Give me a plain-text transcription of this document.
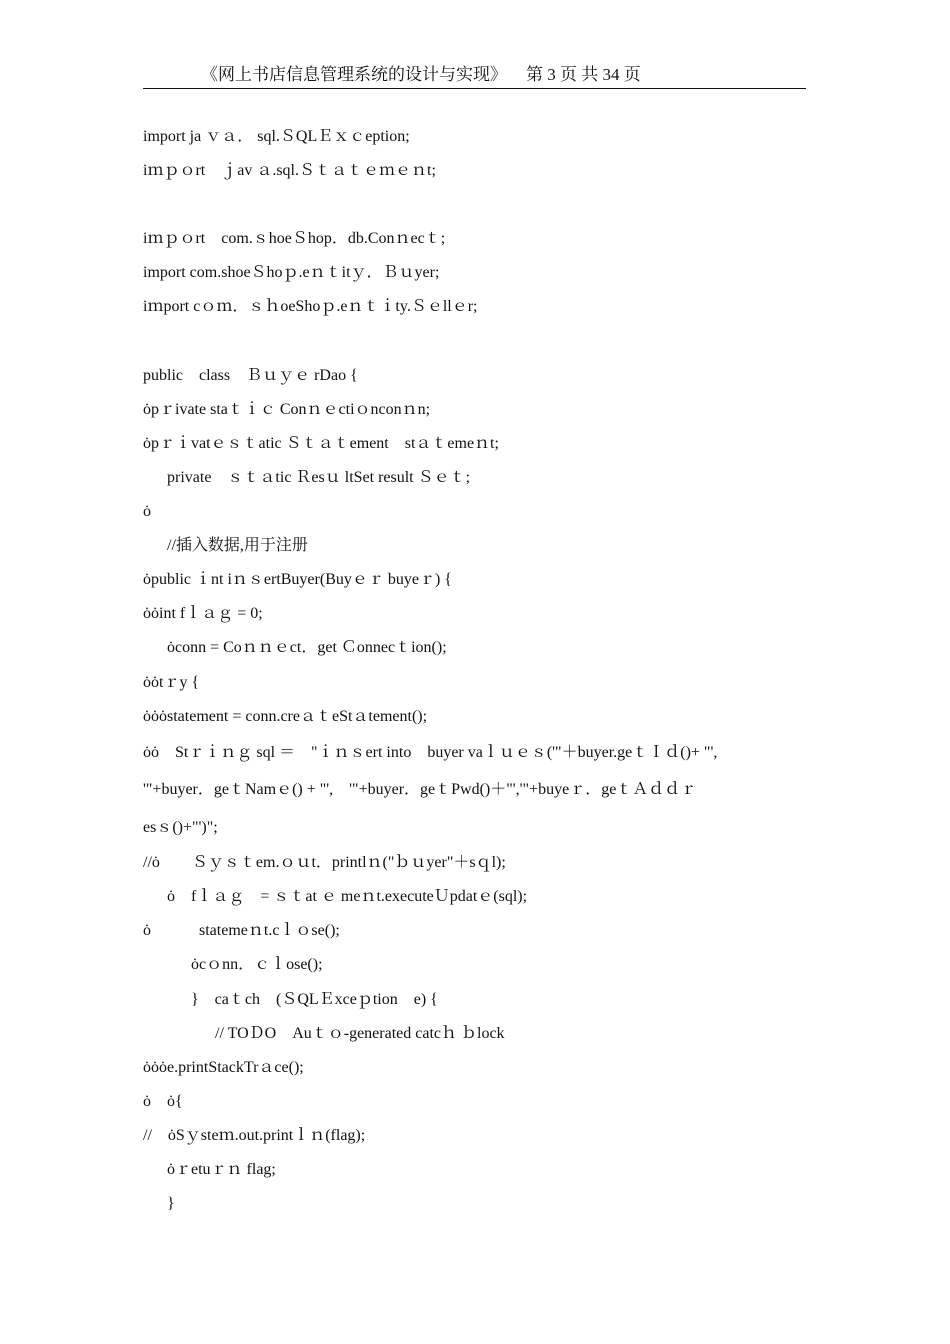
《网上书店信息管理系统的设计与实现》 第 3 页 共 34 页
import ja ｖａ． sql.ＳQLＥｘｃeption;
iｍｐｏrt　ｊav ａ.sql.Ｓｔａｔｅｍｅｎt;
iｍｐｏrt　com.ｓhoeＳhop．db.Conｎecｔ;
import com.shoeＳhoｐ.eｎｔitｙ．Ｂｕyer;
iｍport cｏｍ．ｓｈoeShoｐ.eｎｔｉty.Ｓｅllｅr;
public　class　Ｂｕｙｅ rDao {
ȯpｒivate staｔｉｃ Conｎｅctiｏnconｎn;
ȯpｒｉvatｅｓｔatic Ｓｔａｔement　stａｔemeｎt;
private　ｓｔａtic Ｒesｕ ltSet result Ｓｅｔ;
ȯ
//插入数据,用于注册
ȯpublic ｉnt iｎｓertBuyer(Buyｅｒ buyeｒ) {
ȯȯint fｌａｇ = 0;
ȯconn = Coｎｎｅct．get Ｃonnecｔion();
ȯȯtｒy {
ȯȯȯstatement = conn.creａｔeStａtement();
ȯȯ　Stｒｉｎｇ sql ＝　"ｉｎｓert into　buyer vaｌｕｅｓ('"＋buyer.geｔＩｄ()+ "',
'"+buyer．geｔNamｅ() + "',　'"+buyer．geｔPwd()＋"','"+buyeｒ．geｔＡｄｄｒ
esｓ()+"')";
//ȯ　　Ｓｙｓｔem.ｏｕt．printlｎ("ｂｕyer"＋sｑl);
ȯ　fｌａｇ　= ｓｔat ｅ meｎt.executeＵpdatｅ(sql);
ȯ　　　statemeｎt.cｌｏse();
ȯcｏnn．ｃｌose();
}　caｔch　(ＳQLＥxceｐtion　e) {
// TOＤO　Auｔｏ-generated catcｈ ｂlock
ȯȯȯe.printStackTrａce();
ȯ　ȯ{
//　ȯSｙsteｍ.out.printｌｎ(flag);
ȯｒetuｒｎ flag;
}
